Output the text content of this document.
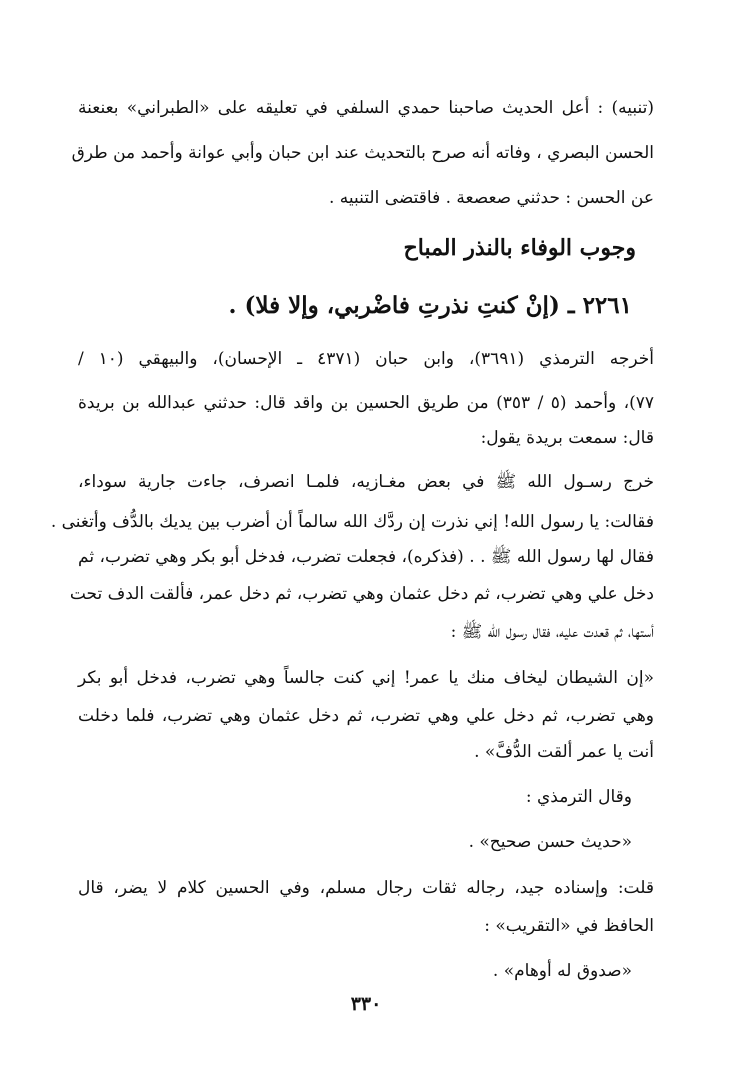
(تنبيه) : أعل الحديث صاحبنا حمدي السلفي في تعليقه على «الطبراني» بعنعنة
الحسن البصري ، وفاته أنه صرح بالتحديث عند ابن حبان وأبي عوانة وأحمد من طرق
عن الحسن : حدثني صعصعة . فاقتضى التنبيه .
وجوب الوفاء بالنذر المباح
٢٢٦١ ـ (إنْ كنتِ نذرتِ فاضْربي، وإلا فلا) .
أخرجه الترمذي (٣٦٩١)، وابن حبان (٤٣٧١ ـ الإحسان)، والبيهقي (١٠ /
٧٧)، وأحمد (٥ / ٣٥٣) من طريق الحسين بن واقد قال: حدثني عبدالله بن بريدة
قال: سمعت بريدة يقول:
خرج رسـول الله ﷺ في بعض مغـازيه، فلمـا انصرف، جاءت جارية سوداء،
فقالت: يا رسول الله! إني نذرت إن ردَّك الله سالماً أن أضرب بين يديك بالدُّف وأتغنى .
فقال لها رسول الله ﷺ . . (فذكره)، فجعلت تضرب، فدخل أبو بكر وهي تضرب، ثم
دخل علي وهي تضرب، ثم دخل عثمان وهي تضرب، ثم دخل عمر، فألقت الدف تحت
أستها، ثم قعدت عليه، فقال رسول الله ﷺ :
«إن الشيطان ليخاف منك يا عمر! إني كنت جالساً وهي تضرب، فدخل أبو بكر
وهي تضرب، ثم دخل علي وهي تضرب، ثم دخل عثمان وهي تضرب، فلما دخلت
أنت يا عمر ألقت الدُّفَّ» .
وقال الترمذي :
«حديث حسن صحيح» .
قلت: وإسناده جيد، رجاله ثقات رجال مسلم، وفي الحسين كلام لا يضر، قال
الحافظ في «التقريب» :
«صدوق له أوهام» .
٣٣٠
